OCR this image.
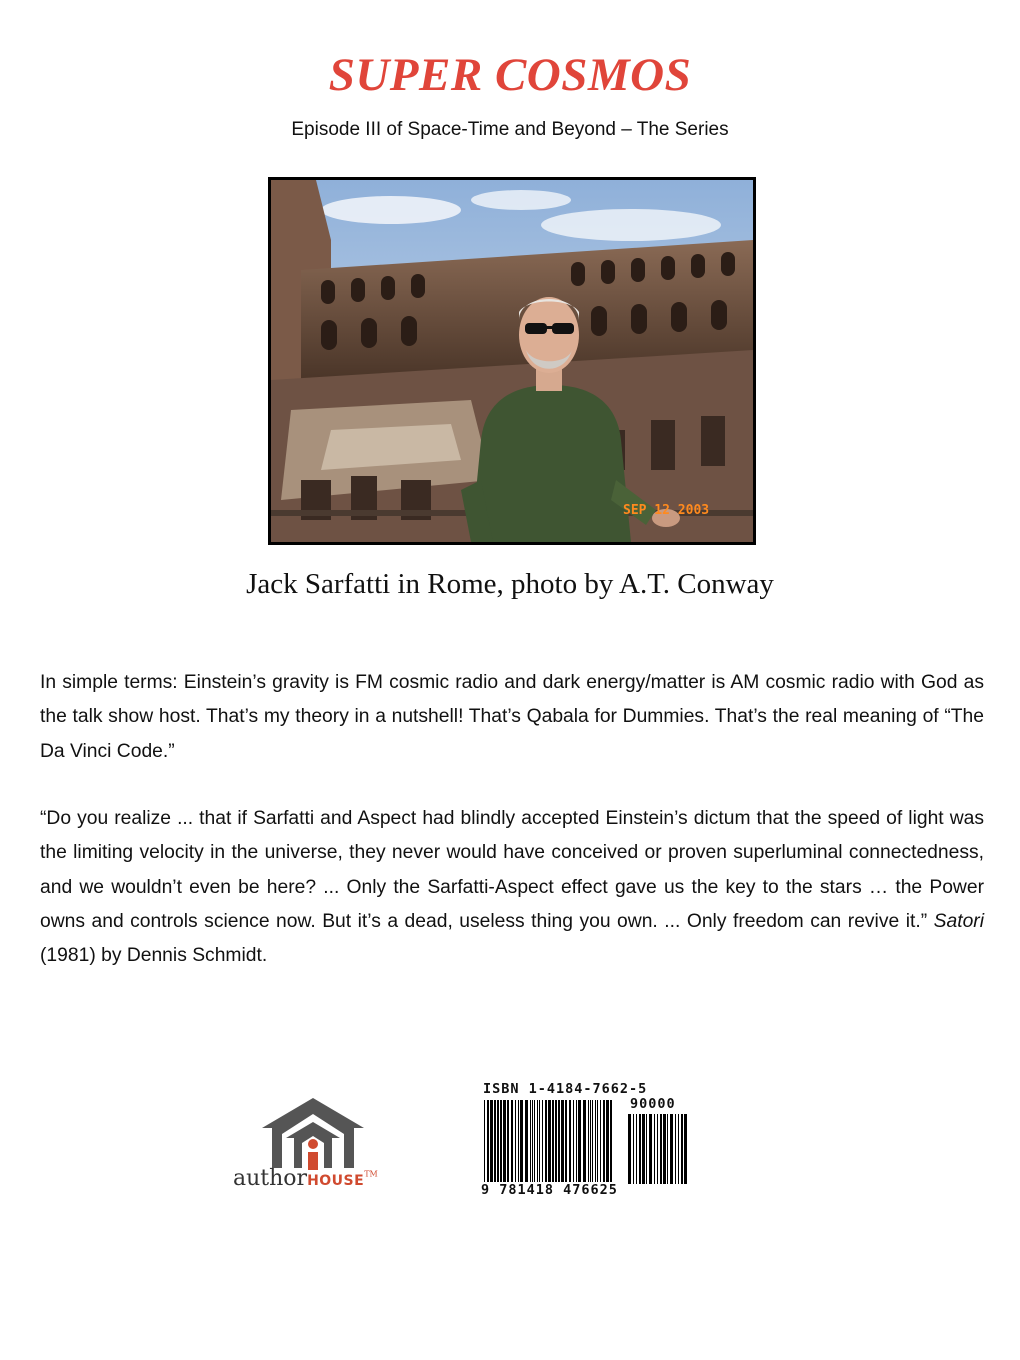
SUPER COSMOS
Episode III of Space-Time and Beyond – The Series
SEP 12 2003
Jack Sarfatti in Rome, photo by A.T. Conway

In simple terms: Einstein’s gravity is FM cosmic radio and dark energy/matter is AM cosmic radio with God as the talk show host. That’s my theory in a nutshell! That’s Qabala for Dummies. That’s the real meaning of “The Da Vinci Code.”

“Do you realize ... that if Sarfatti and Aspect had blindly accepted Einstein’s dictum that the speed of light was the limiting velocity in the universe, they never would have conceived or proven superluminal connectedness, and we wouldn’t even be here? ... Only the Sarfatti-Aspect effect gave us the key to the stars … the Power owns and controls science now. But it’s a dead, useless thing you own. ... Only freedom can revive it.” Satori (1981) by Dennis Schmidt.

authorHOUSE™
ISBN 1-4184-7662-5
90000
9 781418 476625
